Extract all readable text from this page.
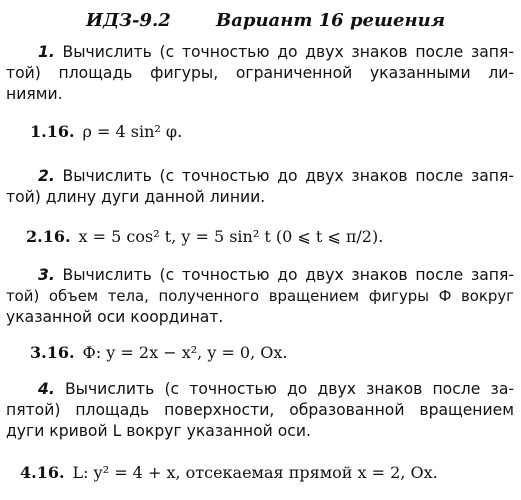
ИДЗ-9.2	Вариант 16 решения
1. Вычислить (с точностью до двух знаков после запя-
той) площадь фигуры, ограниченной указанными ли-
ниями.
1.16. ρ = 4 sin² φ.
2. Вычислить (с точностью до двух знаков после запя-
той) длину дуги данной линии.
2.16. x = 5 cos² t, y = 5 sin² t (0 ⩽ t ⩽ π/2).
3. Вычислить (с точностью до двух знаков после запя-
той) объем тела, полученного вращением фигуры Ф вокруг
указанной оси координат.
3.16. Ф: y = 2x − x², y = 0, Ox.
4. Вычислить (с точностью до двух знаков после за-
пятой) площадь поверхности, образованной вращением
дуги кривой L вокруг указанной оси.
4.16. L: y² = 4 + x, отсекаемая прямой x = 2, Ox.
